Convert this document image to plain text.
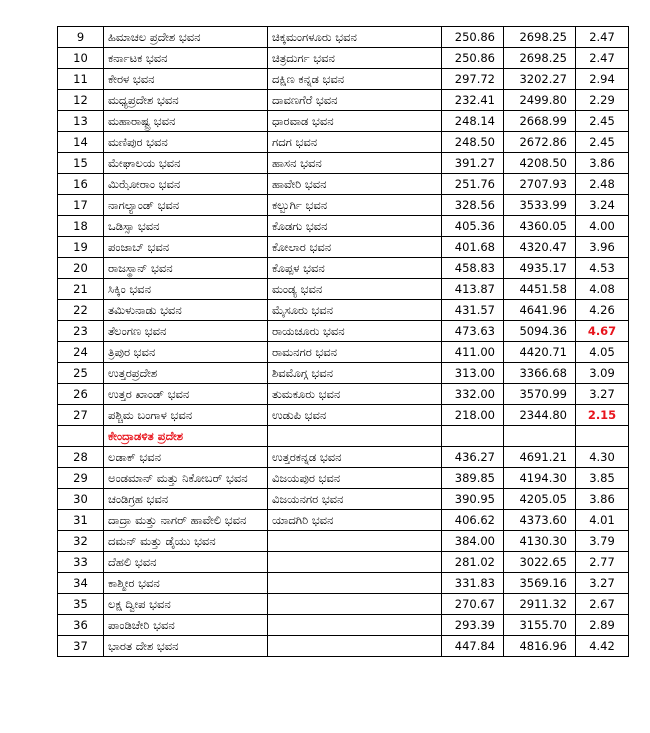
9	ಹಿಮಾಚಲ ಪ್ರದೇಶ ಭವನ	ಚಿಕ್ಕಮಂಗಳೂರು ಭವನ	250.86	2698.25	2.47
10	ಕರ್ನಾಟಕ ಭವನ	ಚಿತ್ರದುರ್ಗ ಭವನ	250.86	2698.25	2.47
11	ಕೇರಳ ಭವನ	ದಕ್ಷಿಣ ಕನ್ನಡ ಭವನ	297.72	3202.27	2.94
12	ಮಧ್ಯಪ್ರದೇಶ ಭವನ	ದಾವಣಗೆರೆ ಭವನ	232.41	2499.80	2.29
13	ಮಹಾರಾಷ್ಟ್ರ ಭವನ	ಧಾರವಾಡ ಭವನ	248.14	2668.99	2.45
14	ಮಣಿಪುರ ಭವನ	ಗದಗ ಭವನ	248.50	2672.86	2.45
15	ಮೇಘಾಲಯ ಭವನ	ಹಾಸನ ಭವನ	391.27	4208.50	3.86
16	ಮಿಝೋರಾಂ ಭವನ	ಹಾವೇರಿ ಭವನ	251.76	2707.93	2.48
17	ನಾಗಲ್ಯಾಂಡ್ ಭವನ	ಕಲ್ಬುರ್ಗಿ ಭವನ	328.56	3533.99	3.24
18	ಒಡಿಸ್ಸಾ ಭವನ	ಕೊಡಗು ಭವನ	405.36	4360.05	4.00
19	ಪಂಜಾಬ್ ಭವನ	ಕೋಲಾರ ಭವನ	401.68	4320.47	3.96
20	ರಾಜಸ್ಥಾನ್ ಭವನ	ಕೊಪ್ಪಳ ಭವನ	458.83	4935.17	4.53
21	ಸಿಕ್ಕಿಂ ಭವನ	ಮಂಡ್ಯ ಭವನ	413.87	4451.58	4.08
22	ತಮಿಳುನಾಡು ಭವನ	ಮೈಸೂರು ಭವನ	431.57	4641.96	4.26
23	ತೆಲಂಗಣ ಭವನ	ರಾಯಚೂರು ಭವನ	473.63	5094.36	4.67
24	ತ್ರಿಪುರ ಭವನ	ರಾಮನಗರ ಭವನ	411.00	4420.71	4.05
25	ಉತ್ತರಪ್ರದೇಶ	ಶಿವಮೊಗ್ಗ ಭವನ	313.00	3366.68	3.09
26	ಉತ್ತರ ಖಾಂಡ್ ಭವನ	ತುಮಕೂರು ಭವನ	332.00	3570.99	3.27
27	ಪಶ್ಚಿಮ ಬಂಗಾಳ ಭವನ	ಉಡುಪಿ ಭವನ	218.00	2344.80	2.15
	ಕೇಂದ್ರಾಡಳಿತ ಪ್ರದೇಶ				
28	ಲಡಾಕ್ ಭವನ	ಉತ್ತರಕನ್ನಡ ಭವನ	436.27	4691.21	4.30
29	ಅಂಡಮಾನ್ ಮತ್ತು ನಿಕೋಬರ್ ಭವನ	ವಿಜಯಪುರ ಭವನ	389.85	4194.30	3.85
30	ಚಂಡಿಗ್ರಹ ಭವನ	ವಿಜಯನಗರ ಭವನ	390.95	4205.05	3.86
31	ದಾದ್ರಾ ಮತ್ತು ನಾಗರ್ ಹಾವೇಲಿ ಭವನ	ಯಾದಗಿರಿ ಭವನ	406.62	4373.60	4.01
32	ದಮನ್ ಮತ್ತು ಡೈಯು ಭವನ		384.00	4130.30	3.79
33	ದೆಹಲಿ ಭವನ		281.02	3022.65	2.77
34	ಕಾಶ್ಮೀರ ಭವನ		331.83	3569.16	3.27
35	ಲಕ್ಷ ದ್ವೀಪ ಭವನ		270.67	2911.32	2.67
36	ಪಾಂಡಿಚೇರಿ ಭವನ		293.39	3155.70	2.89
37	ಭಾರತ ದೇಶ ಭವನ		447.84	4816.96	4.42
